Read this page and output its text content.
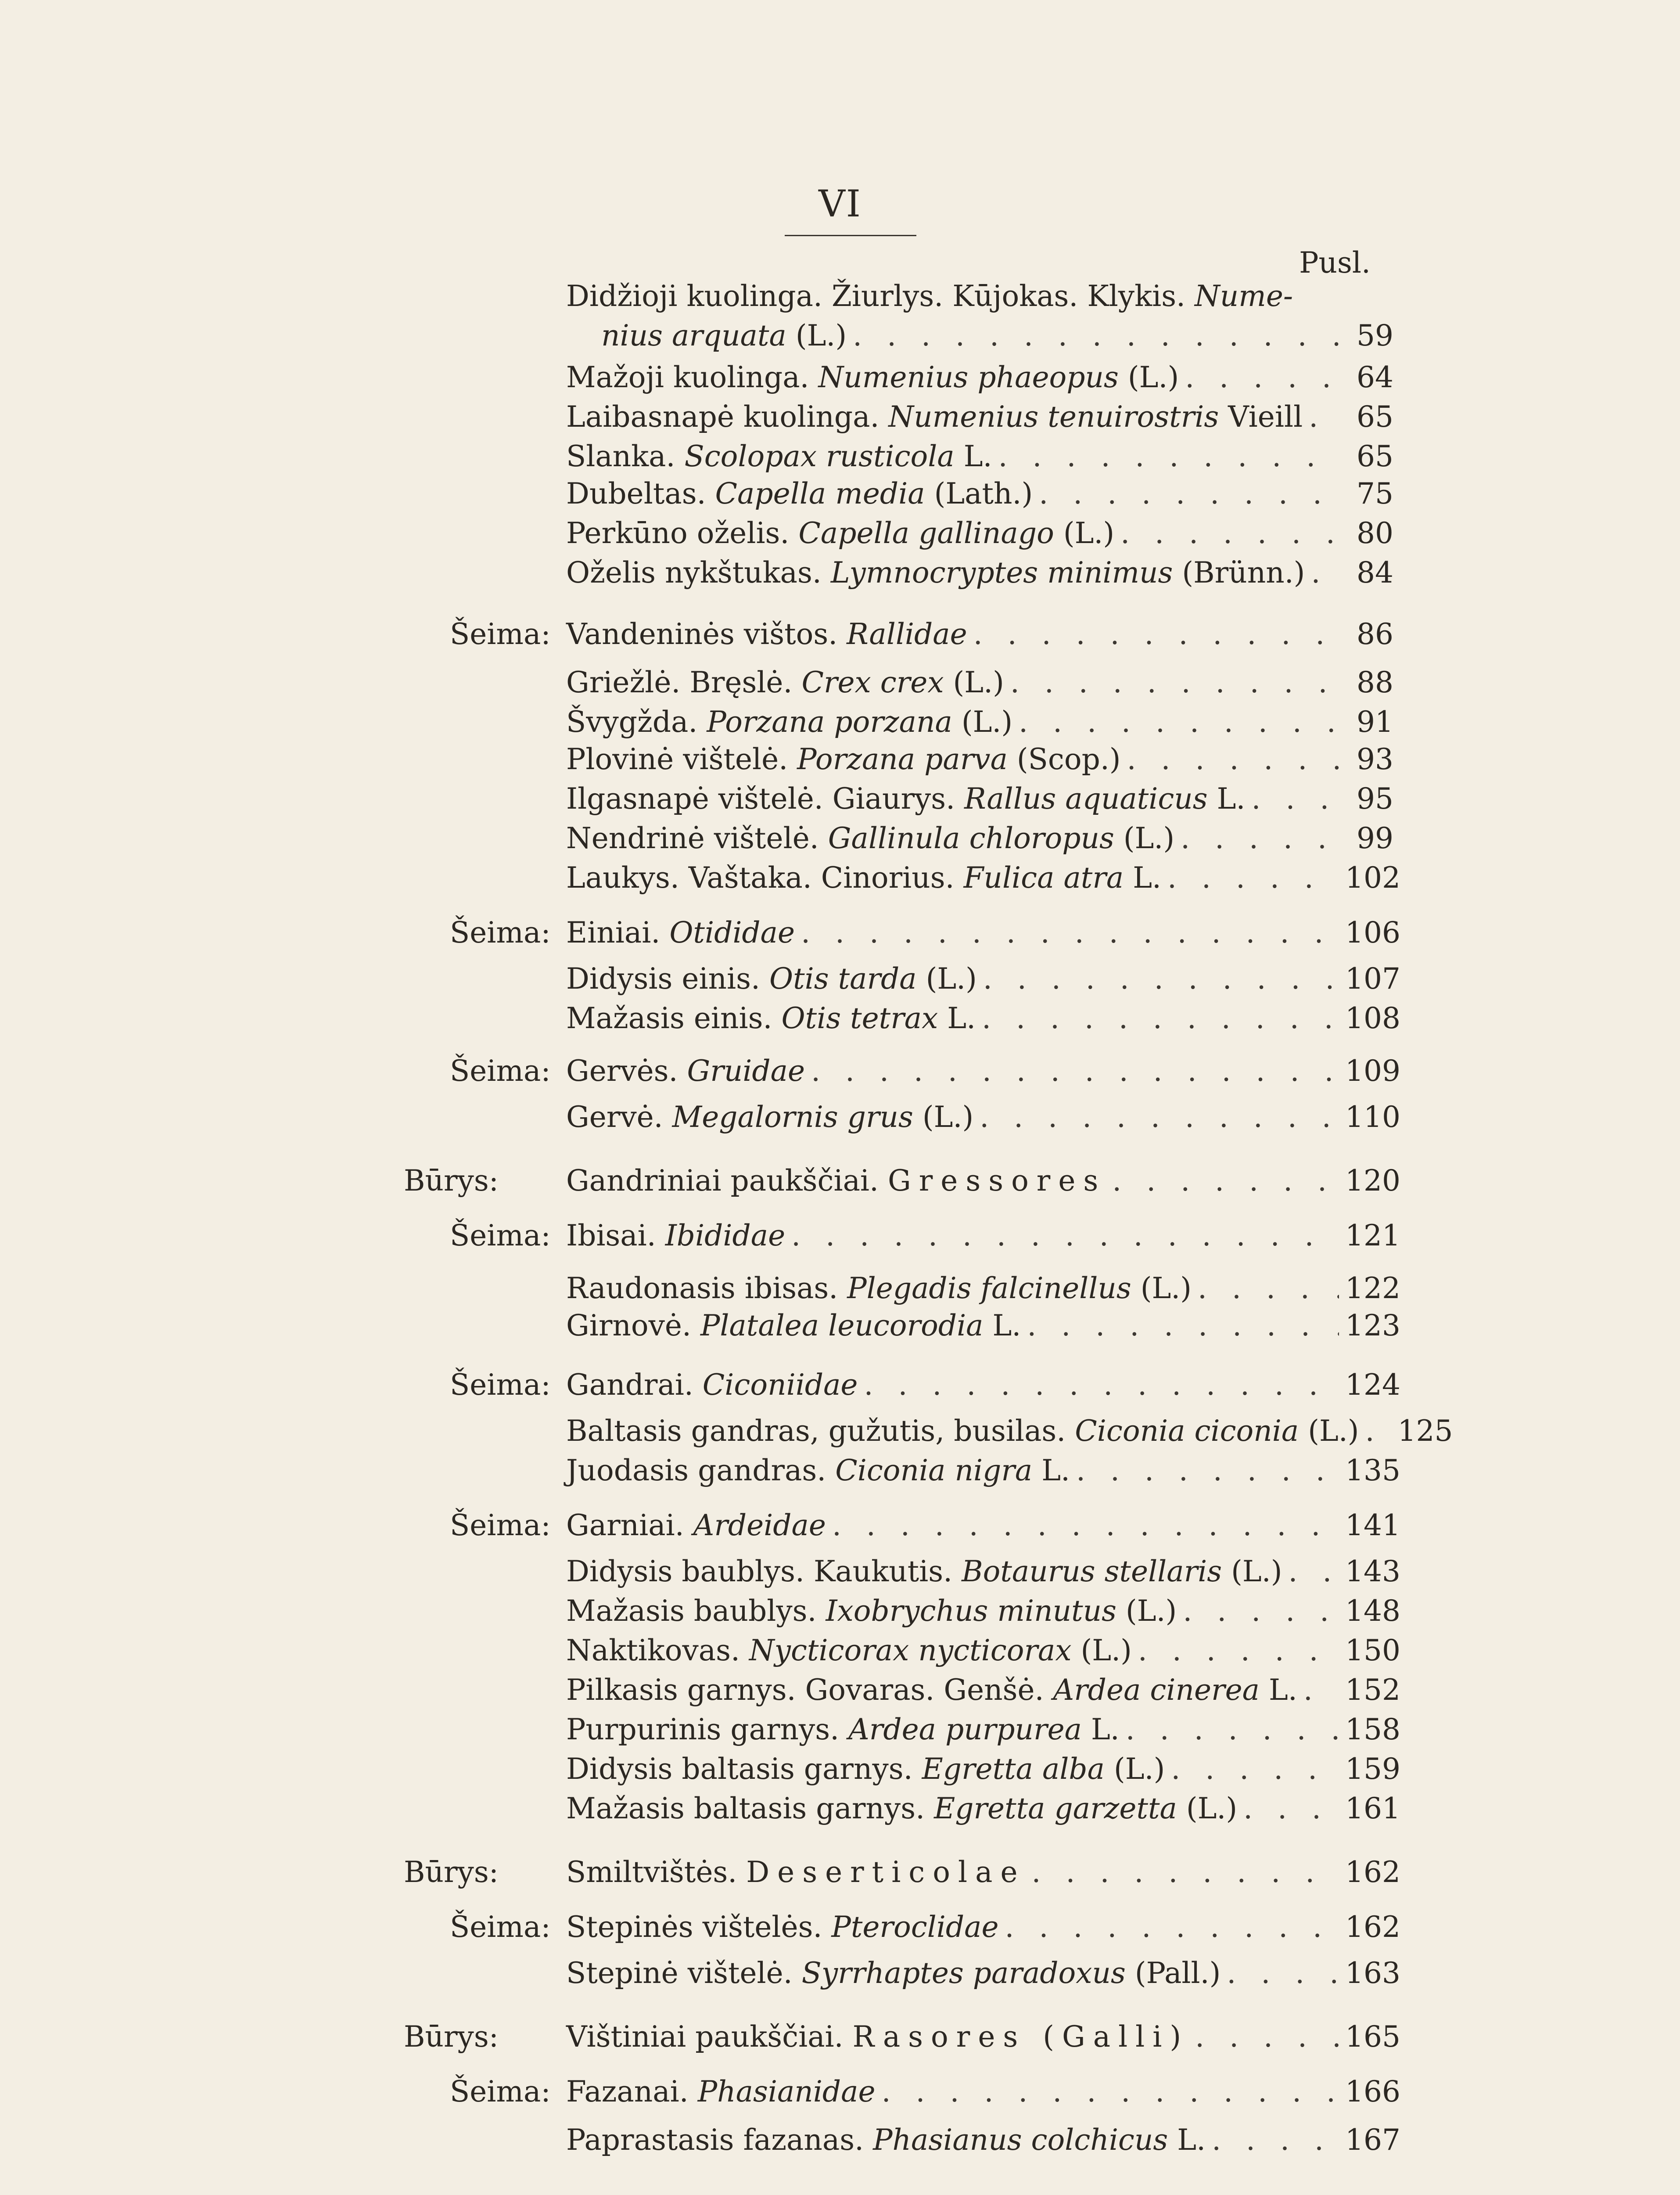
VI
Pusl.
Didžioji kuolinga. Žiurlys. Kūjokas. Klykis. Nume-
nius arquata (L.) . . .	59
Mažoji kuolinga. Numenius phaeopus (L.) . . .	64
Laibasnapė kuolinga. Numenius tenuirostris Vieill . . .	65
Slanka. Scolopax rusticola L. . . .	65
Dubeltas. Capella media (Lath.) . . .	75
Perkūno oželis. Capella gallinago (L.) . . .	80
Oželis nykštukas. Lymnocryptes minimus (Brünn.) . . .	84
Šeima: Vandeninės vištos. Rallidae . . .	86
Griežlė. Bręslė. Crex crex (L.) . . .	88
Švygžda. Porzana porzana (L.) . . .	91
Plovinė vištelė. Porzana parva (Scop.) . . .	93
Ilgasnapė vištelė. Giaurys. Rallus aquaticus L. . . .	95
Nendrinė vištelė. Gallinula chloropus (L.) . . .	99
Laukys. Vaštaka. Cinorius. Fulica atra L. . . .	102
Šeima: Einiai. Otididae . . .	106
Didysis einis. Otis tarda (L.) . . .	107
Mažasis einis. Otis tetrax L. . . .	108
Šeima: Gervės. Gruidae . . .	109
Gervė. Megalornis grus (L.) . . .	110
Būrys: Gandriniai paukščiai. Gressores . . .	120
Šeima: Ibisai. Ibididae . . .	121
Raudonasis ibisas. Plegadis falcinellus (L.) . . .	122
Girnovė. Platalea leucorodia L. . . .	123
Šeima: Gandrai. Ciconiidae . . .	124
Baltasis gandras, gužutis, busilas. Ciconia ciconia (L.) . . . 125
Juodasis gandras. Ciconia nigra L. . . .	135
Šeima: Garniai. Ardeidae . . .	141
Didysis baublys. Kaukutis. Botaurus stellaris (L.) . . . 143
Mažasis baublys. Ixobrychus minutus (L.) . . .	148
Naktikovas. Nycticorax nycticorax (L.) . . .	150
Pilkasis garnys. Govaras. Genšė. Ardea cinerea L. . . . 152
Purpurinis garnys. Ardea purpurea L. . . .	158
Didysis baltasis garnys. Egretta alba (L.) . . .	159
Mažasis baltasis garnys. Egretta garzetta (L.) . . .	161
Būrys: Smiltvištės. Deserticolae . . .	162
Šeima: Stepinės vištelės. Pteroclidae . . .	162
Stepinė vištelė. Syrrhaptes paradoxus (Pall.) . . .	163
Būrys: Vištiniai paukščiai. Rasores (Galli) . . .	165
Šeima: Fazanai. Phasianidae . . .	166
Paprastasis fazanas. Phasianus colchicus L. . . .	167
